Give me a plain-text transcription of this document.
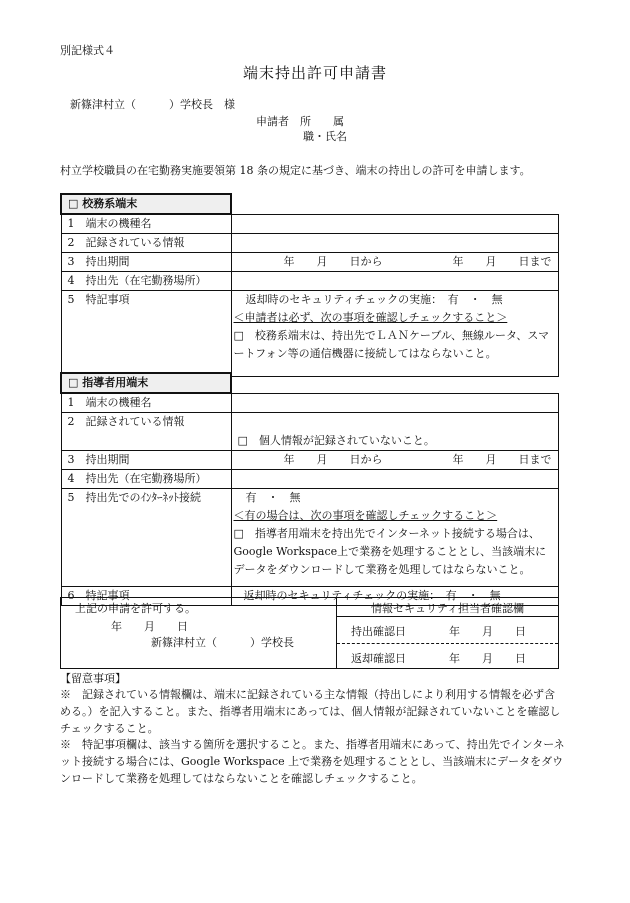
別記様式４
端末持出許可申請書
新篠津村立（　　　）学校長　様
申請者　所　　属
職・氏名
村立学校職員の在宅勤務実施要領第 18 条の規定に基づき、端末の持出しの許可を申請します。
□ 校務系端末	
1　端末の機種名	
2　記録されている情報	
3　持出期間	年　　月　　日から 年　　月　　日まで

4　持出先（在宅勤務場所）	
5　特記事項	返却時のセキュリティチェックの実施：　有　・　無
＜申請者は必ず、次の事項を確認しチェックすること＞
□　校務系端末は、持出先でＬＡＮケーブル、無線ルータ、スマートフォン等の通信機器に接続してはならないこと。
□ 指導者用端末	
1　端末の機種名	
2　記録されている情報	□　個人情報が記録されていないこと。

3　持出期間	年　　月　　日から 年　　月　　日まで

4　持出先（在宅勤務場所）	
5　持出先でのｲﾝﾀｰﾈｯﾄ接続	有　・　無
＜有の場合は、次の事項を確認しチェックすること＞
□　指導者用端末を持出先でインターネット接続する場合は、Google Workspace上で業務を処理することとし、当該端末にデータをダウンロードして業務を処理してはならないこと。

6　特記事項	返却時のセキュリティチェックの実施：　有　・　無
上記の申請を許可する。
年　　月　　日
新篠津村立（　　　）学校長
情報セキュリティ担当者確認欄
持出確認日	年　　月　　日
返却確認日	年　　月　　日
【留意事項】
※　記録されている情報欄は、端末に記録されている主な情報（持出しにより利用する情報を必ず含める。）を記入すること。また、指導者用端末にあっては、個人情報が記録されていないことを確認しチェックすること。
※　特記事項欄は、該当する箇所を選択すること。また、指導者用端末にあって、持出先でインターネット接続する場合には、Google Workspace 上で業務を処理することとし、当該端末にデータをダウンロードして業務を処理してはならないことを確認しチェックすること。
